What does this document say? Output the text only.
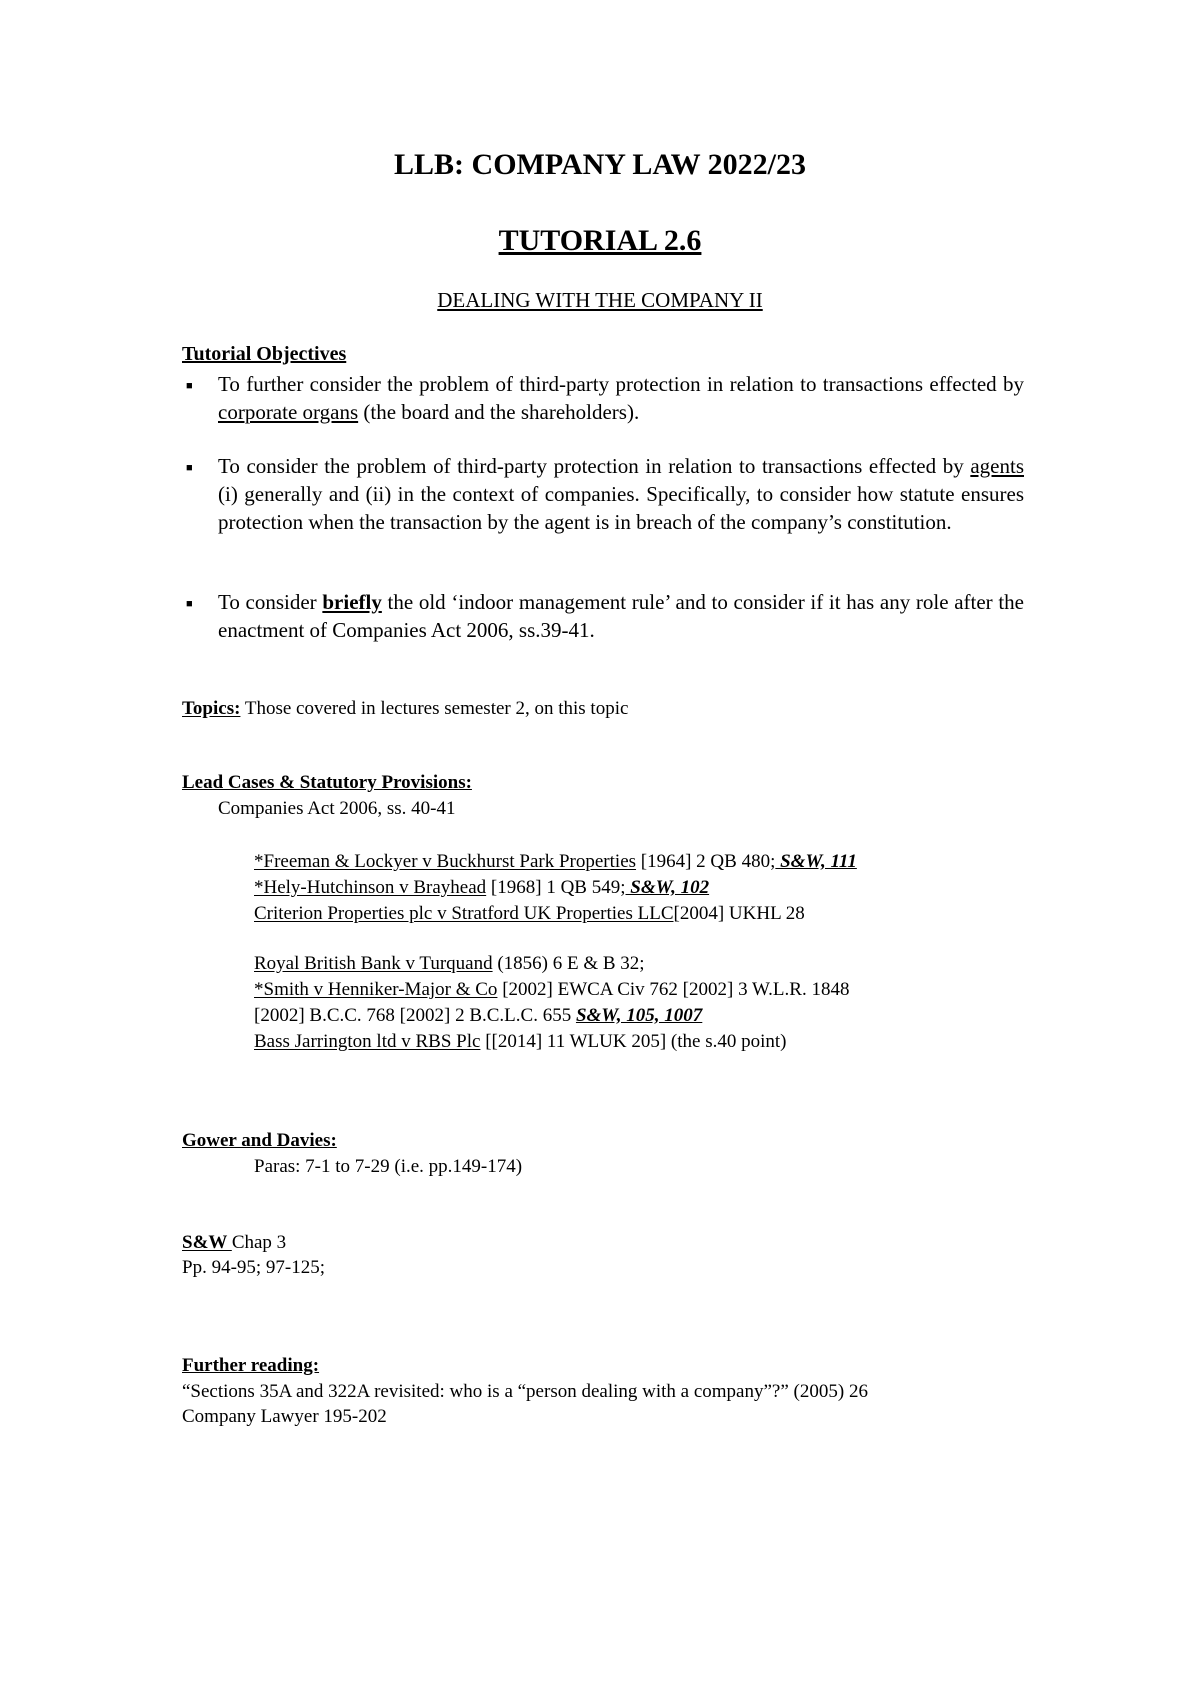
LLB: COMPANY LAW 2022/23
TUTORIAL 2.6
DEALING WITH THE COMPANY II
Tutorial Objectives
■ To further consider the problem of third-party protection in relation to transactions effected by corporate organs (the board and the shareholders).
■ To consider the problem of third-party protection in relation to transactions effected by agents (i) generally and (ii) in the context of companies. Specifically, to consider how statute ensures protection when the transaction by the agent is in breach of the company’s constitution.
■ To consider briefly the old ‘indoor management rule’ and to consider if it has any role after the enactment of Companies Act 2006, ss.39-41.
Topics: Those covered in lectures semester 2, on this topic
Lead Cases & Statutory Provisions:
Companies Act 2006, ss. 40-41
*Freeman & Lockyer v Buckhurst Park Properties [1964] 2 QB 480; S&W, 111
*Hely-Hutchinson v Brayhead [1968] 1 QB 549; S&W, 102
Criterion Properties plc v Stratford UK Properties LLC[2004] UKHL 28
Royal British Bank v Turquand (1856) 6 E & B 32;
*Smith v Henniker-Major & Co [2002] EWCA Civ 762 [2002] 3 W.L.R. 1848
[2002] B.C.C. 768 [2002] 2 B.C.L.C. 655 S&W, 105, 1007
Bass Jarrington ltd v RBS Plc [[2014] 11 WLUK 205] (the s.40 point)
Gower and Davies:
Paras: 7-1 to 7-29 (i.e. pp.149-174)
S&W Chap 3
Pp. 94-95; 97-125;
Further reading:
“Sections 35A and 322A revisited: who is a “person dealing with a company”?” (2005) 26
Company Lawyer 195-202
